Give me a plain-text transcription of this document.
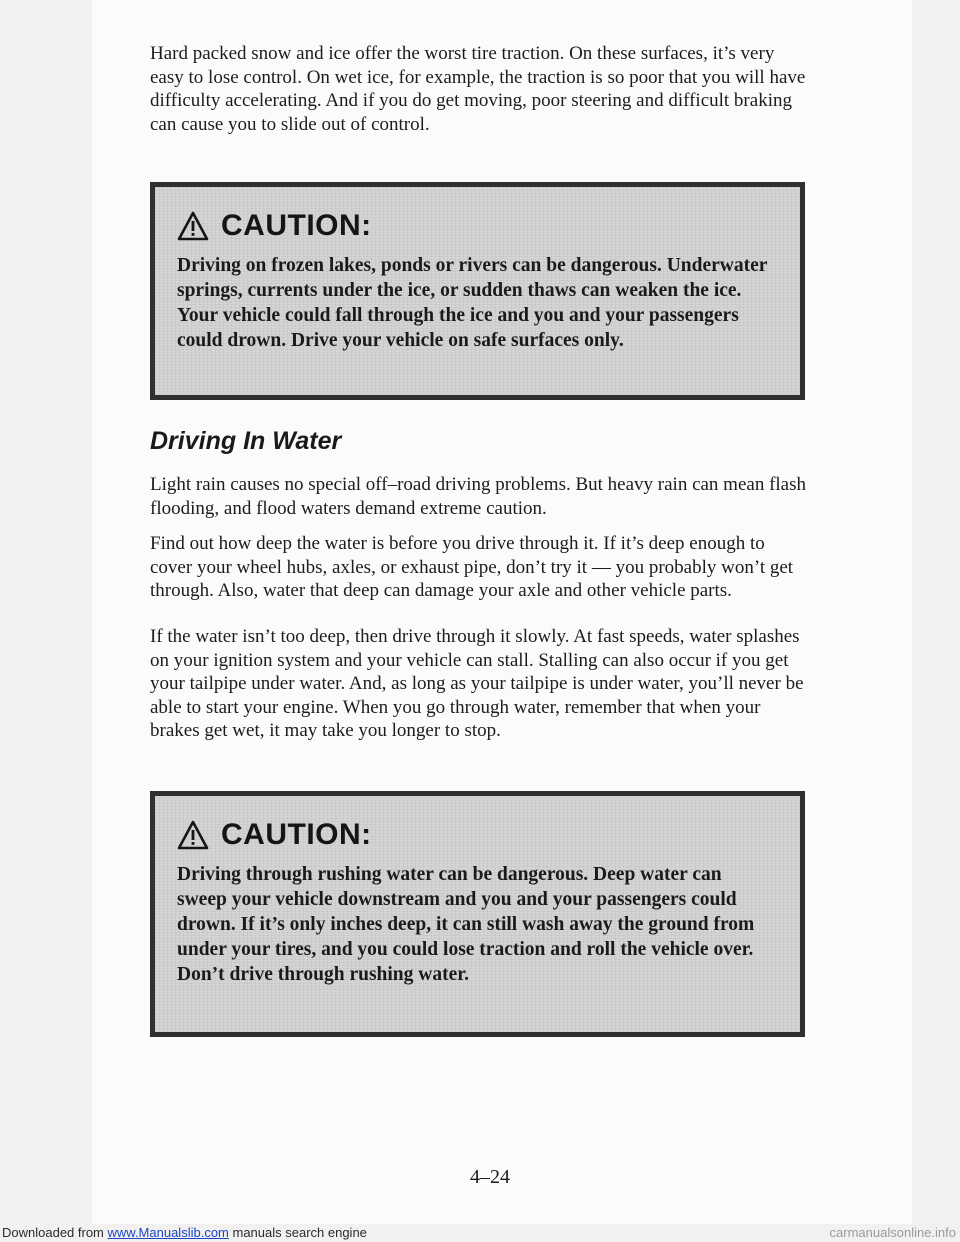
Hard packed snow and ice offer the worst tire traction. On these surfaces, it’s very easy to lose control. On wet ice, for example, the traction is so poor that you will have difficulty accelerating. And if you do get moving, poor steering and difficult braking can cause you to slide out of control.

CAUTION:

Driving on frozen lakes, ponds or rivers can be dangerous. Underwater springs, currents under the ice, or sudden thaws can weaken the ice. Your vehicle could fall through the ice and you and your passengers could drown. Drive your vehicle on safe surfaces only.

Driving In Water

Light rain causes no special off–road driving problems. But heavy rain can mean flash flooding, and flood waters demand extreme caution.

Find out how deep the water is before you drive through it. If it’s deep enough to cover your wheel hubs, axles, or exhaust pipe, don’t try it — you probably won’t get through. Also, water that deep can damage your axle and other vehicle parts.

If the water isn’t too deep, then drive through it slowly. At fast speeds, water splashes on your ignition system and your vehicle can stall. Stalling can also occur if you get your tailpipe under water. And, as long as your tailpipe is under water, you’ll never be able to start your engine. When you go through water, remember that when your brakes get wet, it may take you longer to stop.

CAUTION:

Driving through rushing water can be dangerous. Deep water can sweep your vehicle downstream and you and your passengers could drown. If it’s only inches deep, it can still wash away the ground from under your tires, and you could lose traction and roll the vehicle over. Don’t drive through rushing water.

4–24
Downloaded from www.Manualslib.com manuals search engine	carmanualsonline.info
